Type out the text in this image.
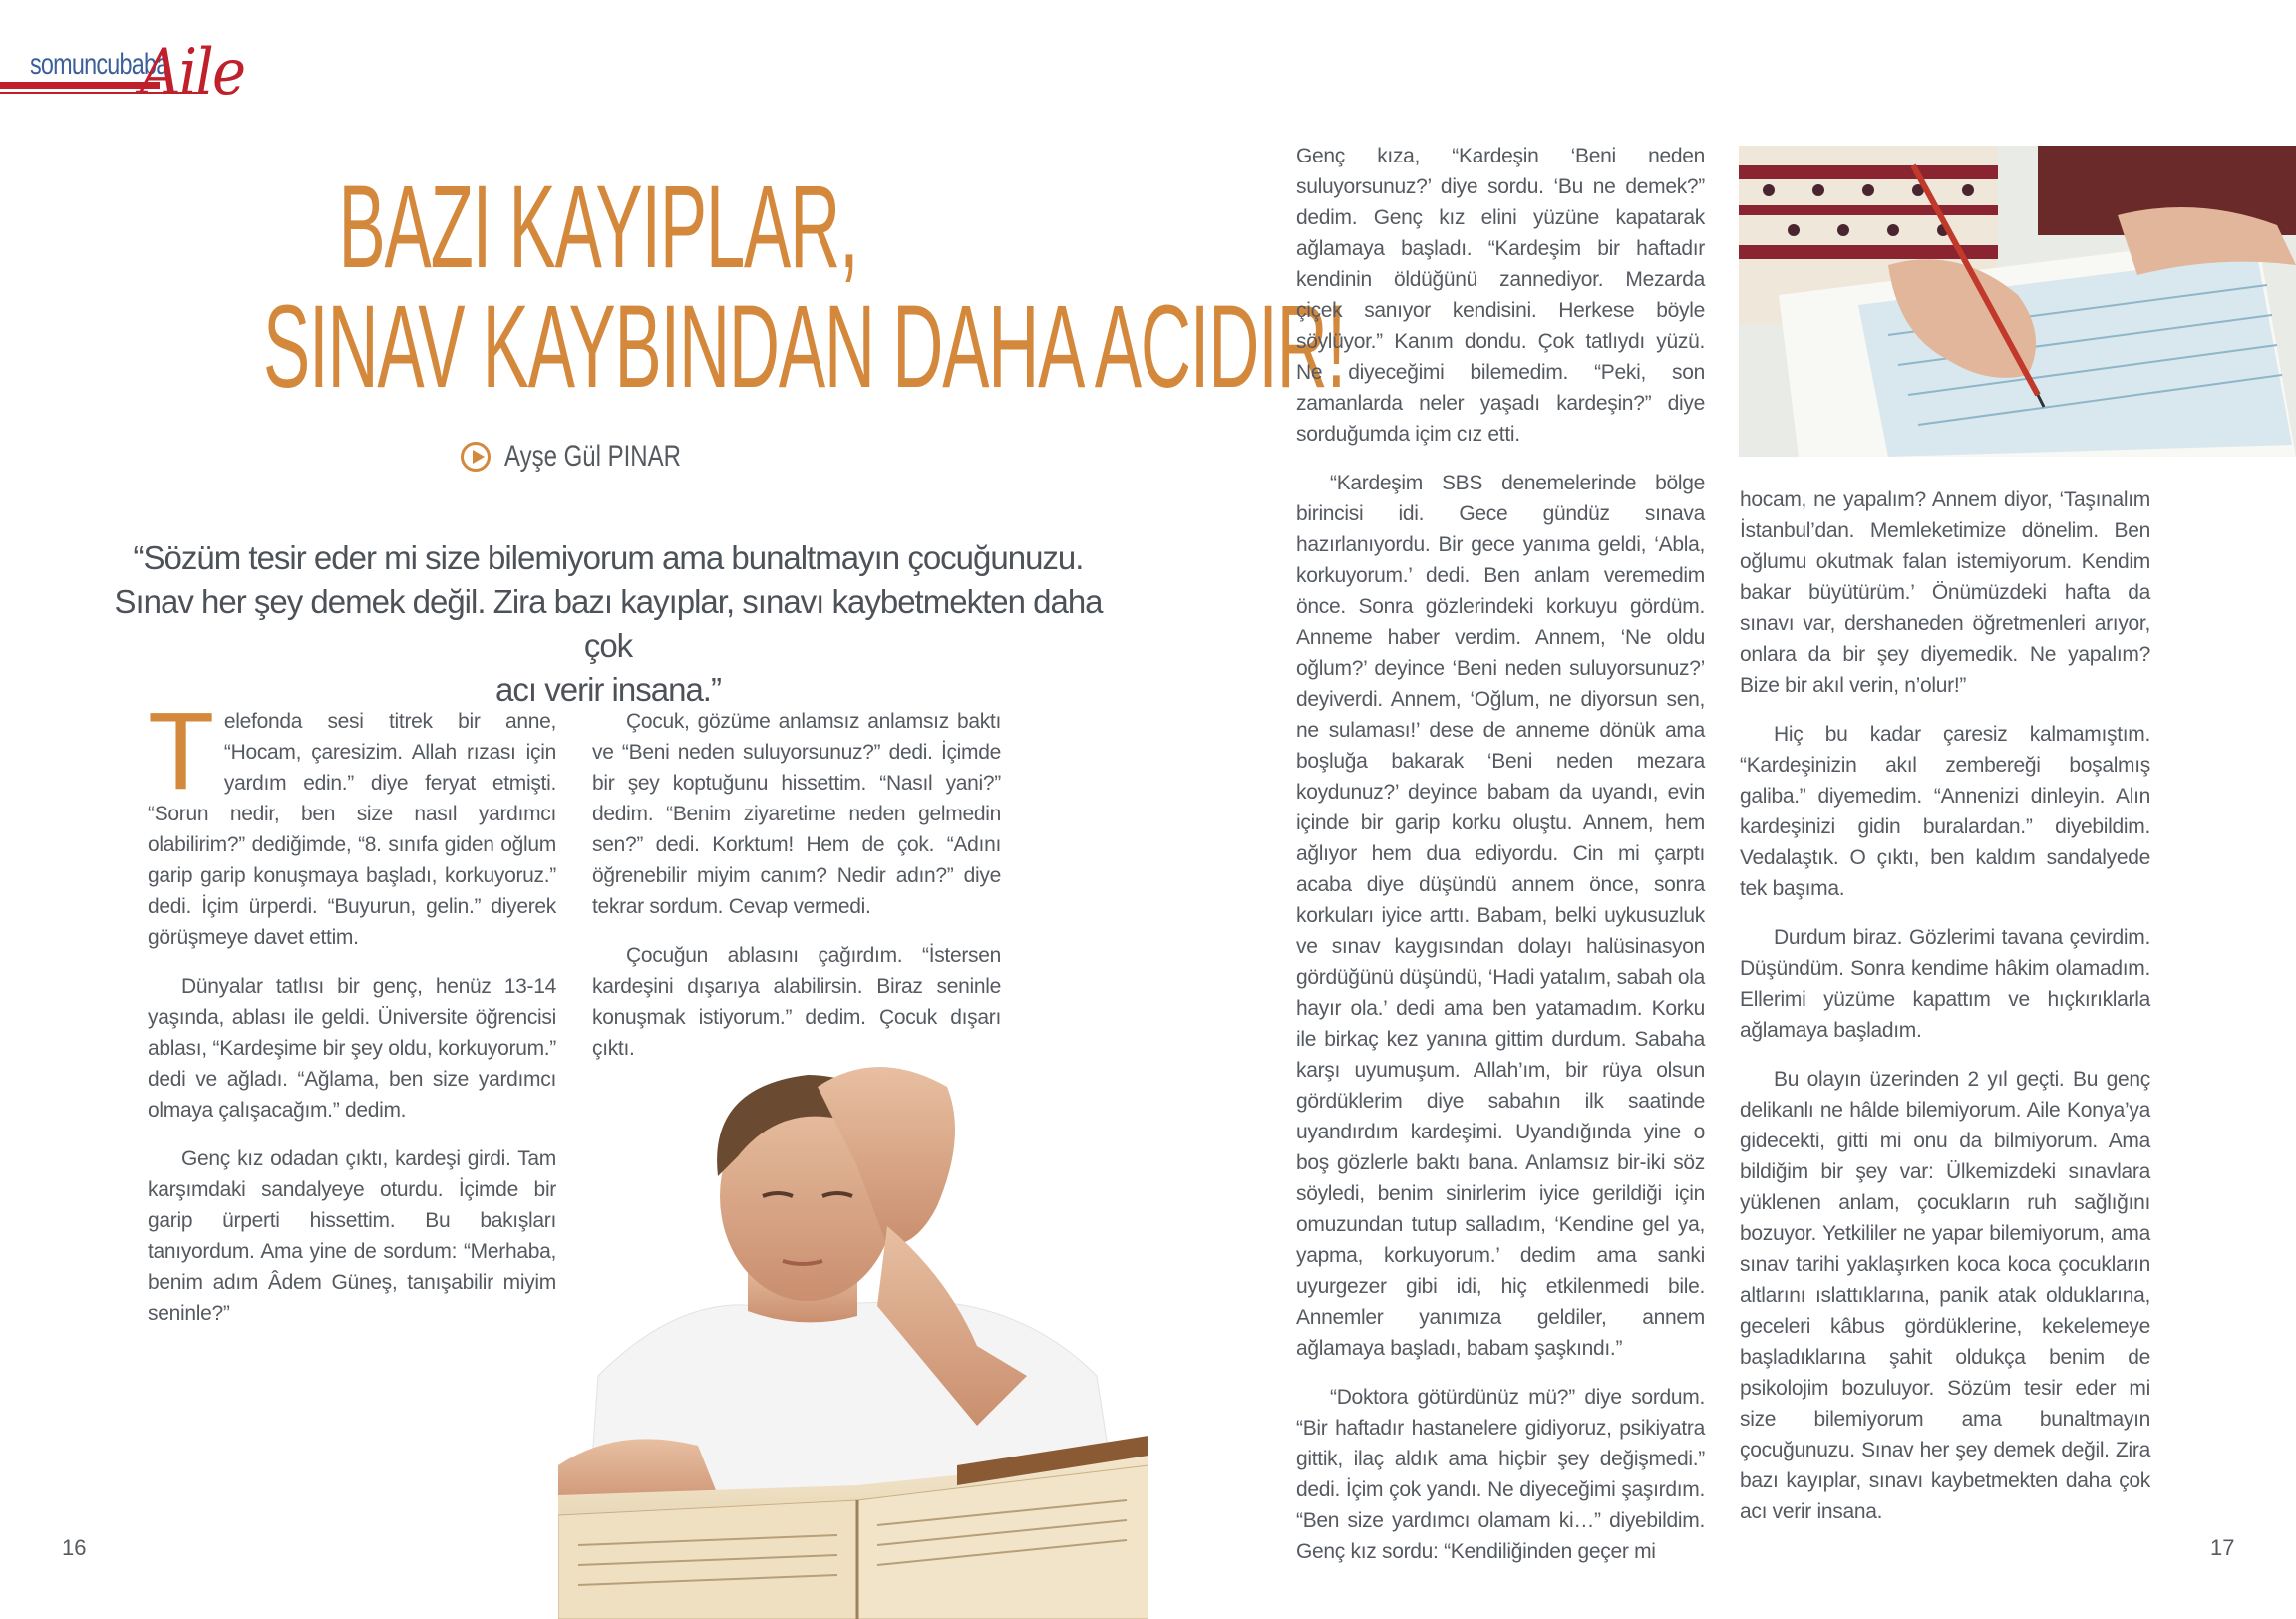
somuncubaba
Aile
BAZI KAYIPLAR,
SINAV KAYBINDAN DAHA ACIDIR!
Ayşe Gül PINAR

“Sözüm tesir eder mi size bilemiyorum ama bunaltmayın çocuğunuzu.

Sınav her şey demek değil. Zira bazı kayıplar, sınavı kaybetmekten daha çok

acı verir insana.”

Telefonda sesi titrek bir anne, “Hocam, çaresizim. Allah rızası için yardım edin.” diye feryat etmişti. “Sorun nedir, ben size nasıl yardımcı olabilirim?” dediğimde, “8. sınıfa giden oğlum garip garip konuşmaya başladı, korkuyoruz.” dedi. İçim ürperdi. “Buyurun, gelin.” diyerek görüşmeye davet ettim.

Dünyalar tatlısı bir genç, henüz 13-14 yaşında, ablası ile geldi. Üniversite öğrencisi ablası, “Kardeşime bir şey oldu, korkuyorum.” dedi ve ağladı. “Ağlama, ben size yardımcı olmaya çalışacağım.” dedim.

Genç kız odadan çıktı, kardeşi girdi. Tam karşımdaki sandalyeye oturdu. İçimde bir garip ürperti hissettim. Bu bakışları tanıyordum. Ama yine de sordum: “Merhaba, benim adım Âdem Güneş, tanışabilir miyim seninle?”

Çocuk, gözüme anlamsız anlamsız baktı ve “Beni neden suluyorsunuz?” dedi. İçimde bir şey koptuğunu hissettim. “Nasıl yani?” dedim. “Benim ziyaretime neden gelmedin sen?” dedi. Korktum! Hem de çok. “Adını öğrenebilir miyim canım? Nedir adın?” diye tekrar sordum. Cevap vermedi.

Çocuğun ablasını çağırdım. “İstersen kardeşini dışarıya alabilirsin. Biraz seninle konuşmak istiyorum.” dedim. Çocuk dışarı çıktı.

Genç kıza, “Kardeşin ‘Beni neden suluyorsunuz?’ diye sordu. ‘Bu ne demek?” dedim. Genç kız elini yüzüne kapatarak ağlamaya başladı. “Kardeşim bir haftadır kendinin öldüğünü zannediyor. Mezarda çiçek sanıyor kendisini. Herkese böyle söylüyor.” Kanım dondu. Çok tatlıydı yüzü. Ne diyeceğimi bilemedim. “Peki, son zamanlarda neler yaşadı kardeşin?” diye sorduğumda içim cız etti.

“Kardeşim SBS denemelerinde bölge birincisi idi. Gece gündüz sınava hazırlanıyordu. Bir gece yanıma geldi, ‘Abla, korkuyorum.’ dedi. Ben anlam veremedim önce. Sonra gözlerindeki korkuyu gördüm. Anneme haber verdim. Annem, ‘Ne oldu oğlum?’ deyince ‘Beni neden suluyorsunuz?’ deyiverdi. Annem, ‘Oğlum, ne diyorsun sen, ne sulaması!’ dese de anneme dönük ama boşluğa bakarak ‘Beni neden mezara koydunuz?’ deyince babam da uyandı, evin içinde bir garip korku oluştu. Annem, hem ağlıyor hem dua ediyordu. Cin mi çarptı acaba diye düşündü annem önce, sonra korkuları iyice arttı. Babam, belki uykusuzluk ve sınav kaygısından dolayı halüsinasyon gördüğünü düşündü, ‘Hadi yatalım, sabah ola hayır ola.’ dedi ama ben yatamadım. Korku ile birkaç kez yanına gittim durdum. Sabaha karşı uyumuşum. Allah’ım, bir rüya olsun gördüklerim diye sabahın ilk saatinde uyandırdım kardeşimi. Uyandığında yine o boş gözlerle baktı bana. Anlamsız bir-iki söz söyledi, benim sinirlerim iyice gerildiği için omuzundan tutup salladım, ‘Kendine gel ya, yapma, korkuyorum.’ dedim ama sanki uyurgezer gibi idi, hiç etkilenmedi bile. Annemler yanımıza geldiler, annem ağlamaya başladı, babam şaşkındı.”

“Doktora götürdünüz mü?” diye sordum. “Bir haftadır hastanelere gidiyoruz, psikiyatra gittik, ilaç aldık ama hiçbir şey değişmedi.” dedi. İçim çok yandı. Ne diyeceğimi şaşırdım. “Ben size yardımcı olamam ki…” diyebildim. Genç kız sordu: “Kendiliğinden geçer mi

hocam, ne yapalım? Annem diyor, ‘Taşınalım İstanbul’dan. Memleketimize dönelim. Ben oğlumu okutmak falan istemiyorum. Kendim bakar büyütürüm.’ Önümüzdeki hafta da sınavı var, dershaneden öğretmenleri arıyor, onlara da bir şey diyemedik. Ne yapalım? Bize bir akıl verin, n’olur!”

Hiç bu kadar çaresiz kalmamıştım. “Kardeşinizin akıl zembereği boşalmış galiba.” diyemedim. “Annenizi dinleyin. Alın kardeşinizi gidin buralardan.” diyebildim. Vedalaştık. O çıktı, ben kaldım sandalyede tek başıma.

Durdum biraz. Gözlerimi tavana çevirdim. Düşündüm. Sonra kendime hâkim olamadım. Ellerimi yüzüme kapattım ve hıçkırıklarla ağlamaya başladım.

Bu olayın üzerinden 2 yıl geçti. Bu genç delikanlı ne hâlde bilemiyorum. Aile Konya’ya gidecekti, gitti mi onu da bilmiyorum. Ama bildiğim bir şey var: Ülkemizdeki sınavlara yüklenen anlam, çocukların ruh sağlığını bozuyor. Yetkililer ne yapar bilemiyorum, ama sınav tarihi yaklaşırken koca koca çocukların altlarını ıslattıklarına, panik atak olduklarına, geceleri kâbus gördüklerine, kekelemeye başladıklarına şahit oldukça benim de psikolojim bozuluyor. Sözüm tesir eder mi size bilemiyorum ama bunaltmayın çocuğunuzu. Sınav her şey demek değil. Zira bazı kayıplar, sınavı kaybetmekten daha çok acı verir insana.

16	17
